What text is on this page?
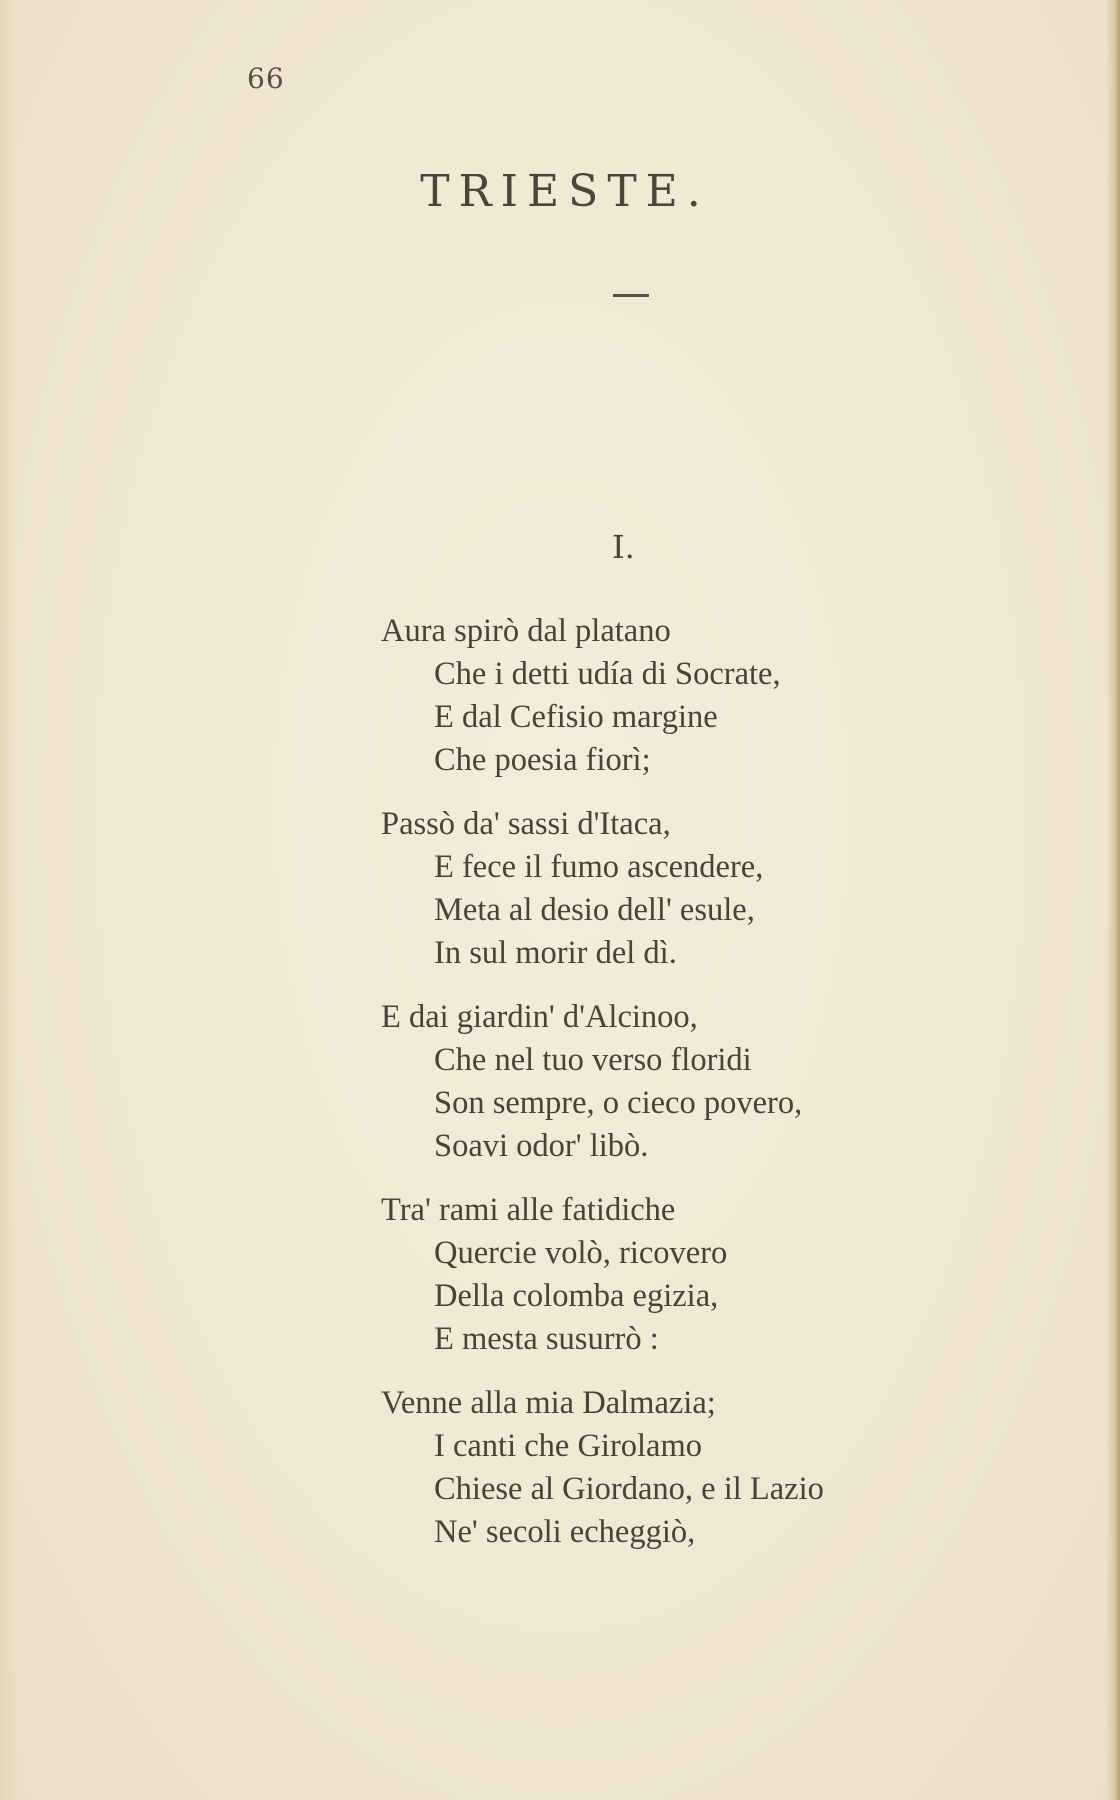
66
TRIESTE.
I.
Aura spirò dal platano
Che i detti udía di Socrate,
E dal Cefisio margine
Che poesia fiorì;
Passò da' sassi d'Itaca,
E fece il fumo ascendere,
Meta al desio dell' esule,
In sul morir del dì.
E dai giardin' d'Alcinoo,
Che nel tuo verso floridi
Son sempre, o cieco povero,
Soavi odor' libò.
Tra' rami alle fatidiche
Quercie volò, ricovero
Della colomba egizia,
E mesta susurrò :
Venne alla mia Dalmazia;
I canti che Girolamo
Chiese al Giordano, e il Lazio
Ne' secoli echeggiò,
